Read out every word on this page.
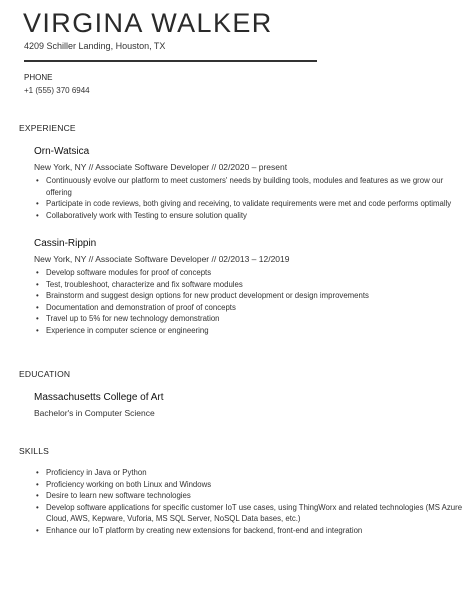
VIRGINA WALKER
4209 Schiller Landing, Houston, TX
PHONE
+1 (555) 370 6944
EXPERIENCE
Orn-Watsica
New York, NY // Associate Software Developer // 02/2020 – present
• Continuously evolve our platform to meet customers' needs by building tools, modules and features as we grow our offering
• Participate in code reviews, both giving and receiving, to validate requirements were met and code performs optimally
• Collaboratively work with Testing to ensure solution quality
Cassin-Rippin
New York, NY // Associate Software Developer // 02/2013 – 12/2019
• Develop software modules for proof of concepts
• Test, troubleshoot, characterize and fix software modules
• Brainstorm and suggest design options for new product development or design improvements
• Documentation and demonstration of proof of concepts
• Travel up to 5% for new technology demonstration
• Experience in computer science or engineering
EDUCATION
Massachusetts College of Art
Bachelor's in Computer Science
SKILLS
• Proficiency in Java or Python
• Proficiency working on both Linux and Windows
• Desire to learn new software technologies
• Develop software applications for specific customer IoT use cases, using ThingWorx and related technologies (MS Azure Cloud, AWS, Kepware, Vuforia, MS SQL Server, NoSQL Data bases, etc.)
• Enhance our IoT platform by creating new extensions for backend, front-end and integration
